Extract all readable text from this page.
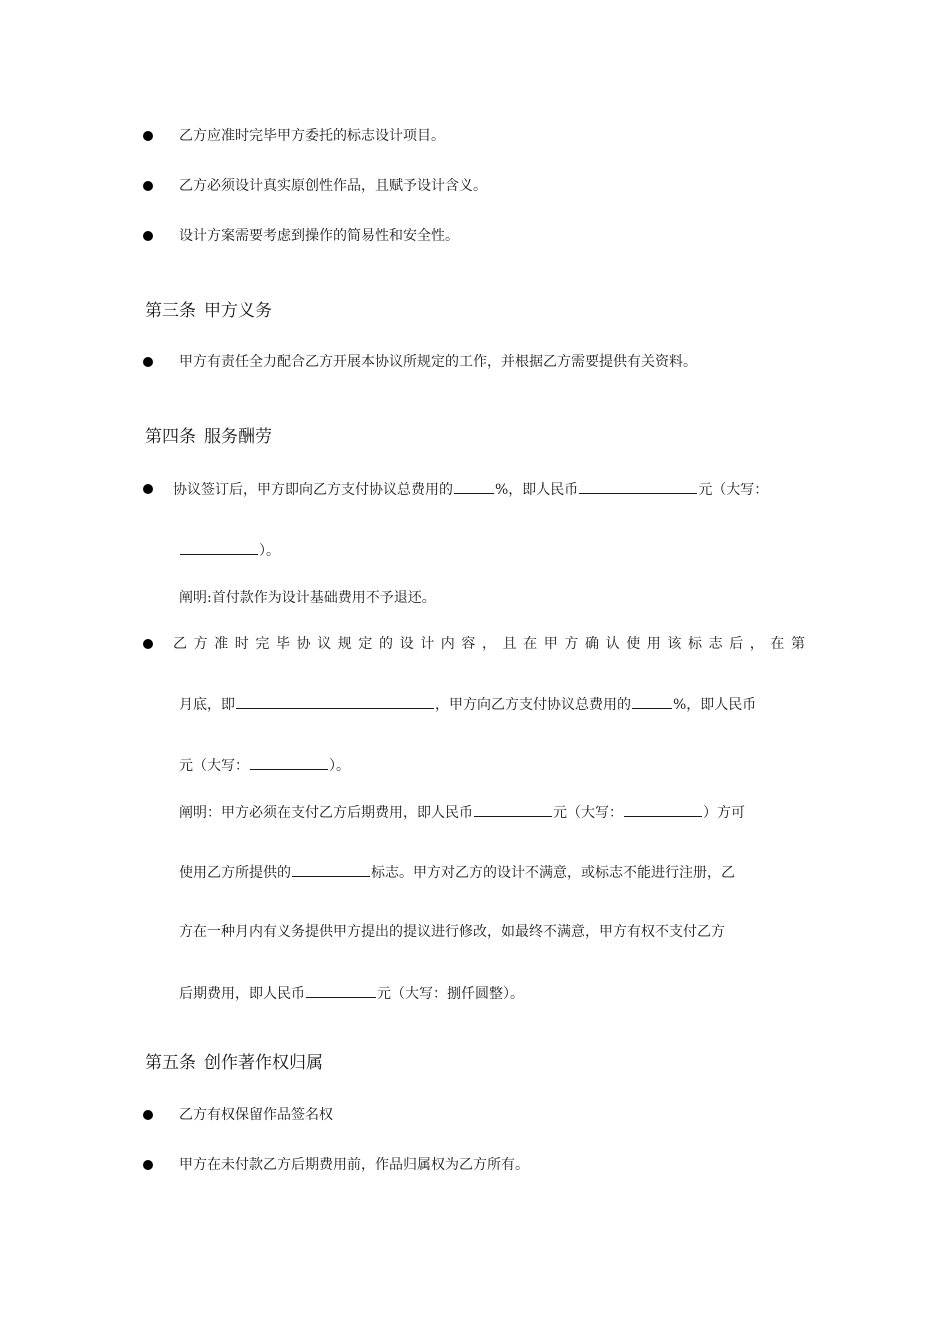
乙方应准时完毕甲方委托的标志设计项目。
乙方必须设计真实原创性作品，且赋予设计含义。
设计方案需要考虑到操作的简易性和安全性。
第三条 甲方义务
甲方有责任全力配合乙方开展本协议所规定的工作，并根据乙方需要提供有关资料。
第四条 服务酬劳
协议签订后，甲方即向乙方支付协议总费用的	%，即人民币	元（大写：
）。
阐明:首付款作为设计基础费用不予退还。
乙方准时完毕协议规定的设计内容，且在甲方确认使用该标志后，在第
月底，即	，甲方向乙方支付协议总费用的	%，即人民币
元（大写：	）。
阐明：甲方必须在支付乙方后期费用，即人民币	元（大写：	）方可
使用乙方所提供的	标志。甲方对乙方的设计不满意，或标志不能进行注册，乙
方在一种月内有义务提供甲方提出的提议进行修改，如最终不满意，甲方有权不支付乙方
后期费用，即人民币	元（大写：捌仟圆整）。
第五条 创作著作权归属
乙方有权保留作品签名权
甲方在未付款乙方后期费用前，作品归属权为乙方所有。
